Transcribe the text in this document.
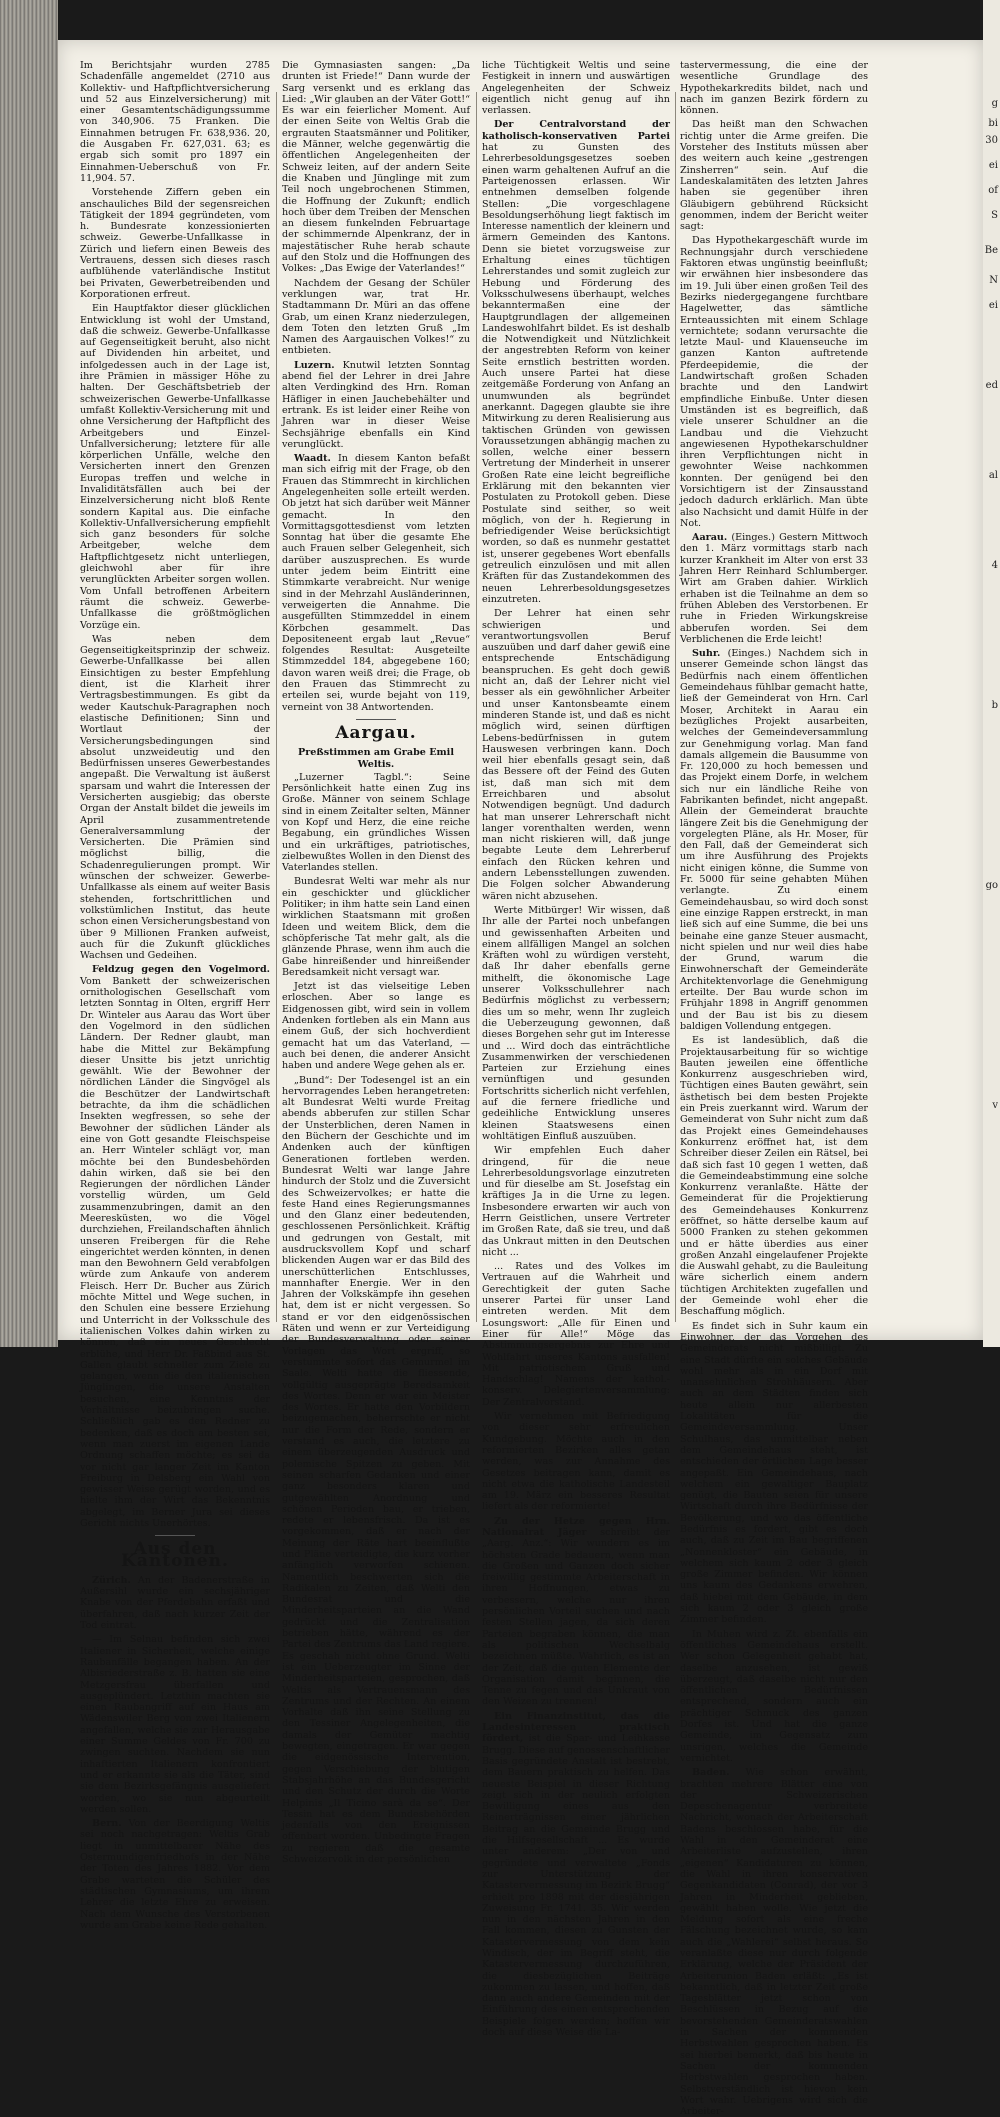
g
bi
30
ei
of
S
Be
N
ei
ed
al
4
b
go
v

Im Berichtsjahr wurden 2785 Schadenfälle angemeldet (2710 aus Kollektiv- und Haftpflichtversicherung und 52 aus Einzelversicherung) mit einer Gesamtentschädigungssumme von 340,906. 75 Franken. Die Einnahmen betrugen Fr. 638,936. 20, die Ausgaben Fr. 627,031. 63; es ergab sich somit pro 1897 ein Einnahmen-Ueberschuß von Fr. 11,904. 57.

Vorstehende Ziffern geben ein anschauliches Bild der segensreichen Tätigkeit der 1894 gegründeten, vom h. Bundesrate konzessionierten schweiz. Gewerbe-Unfallkasse in Zürich und liefern einen Beweis des Vertrauens, dessen sich dieses rasch aufblühende vaterländische Institut bei Privaten, Gewerbetreibenden und Korporationen erfreut.

Ein Hauptfaktor dieser glücklichen Entwicklung ist wohl der Umstand, daß die schweiz. Gewerbe-Unfallkasse auf Gegenseitigkeit beruht, also nicht auf Dividenden hin arbeitet, und infolgedessen auch in der Lage ist, ihre Prämien in mässiger Höhe zu halten. Der Geschäftsbetrieb der schweizerischen Gewerbe-Unfallkasse umfaßt Kollektiv-Versicherung mit und ohne Versicherung der Haftpflicht des Arbeitgebers und Einzel-Unfallversicherung; letztere für alle körperlichen Unfälle, welche den Versicherten innert den Grenzen Europas treffen und welche in Invaliditätsfällen auch bei der Einzelversicherung nicht bloß Rente sondern Kapital aus. Die einfache Kollektiv-Unfallversicherung empfiehlt sich ganz besonders für solche Arbeitgeber, welche dem Haftpflichtgesetz nicht unterliegen, gleichwohl aber für ihre verunglückten Arbeiter sorgen wollen. Vom Unfall betroffenen Arbeitern räumt die schweiz. Gewerbe-Unfallkasse die größtmöglichen Vorzüge ein.

Was neben dem Gegenseitigkeitsprinzip der schweiz. Gewerbe-Unfallkasse bei allen Einsichtigen zu bester Empfehlung dient, ist die Klarheit ihrer Vertragsbestimmungen. Es gibt da weder Kautschuk-Paragraphen noch elastische Definitionen; Sinn und Wortlaut der Versicherungsbedingungen sind absolut unzweideutig und den Bedürfnissen unseres Gewerbestandes angepaßt. Die Verwaltung ist äußerst sparsam und wahrt die Interessen der Versicherten ausgiebig; das oberste Organ der Anstalt bildet die jeweils im April zusammentretende Generalversammlung der Versicherten. Die Prämien sind möglichst billig, die Schadenregulierungen prompt. Wir wünschen der schweizer. Gewerbe-Unfallkasse als einem auf weiter Basis stehenden, fortschrittlichen und volkstümlichen Institut, das heute schon einen Versicherungsbestand von über 9 Millionen Franken aufweist, auch für die Zukunft glückliches Wachsen und Gedeihen.

Feldzug gegen den Vogelmord. Vom Bankett der schweizerischen ornithologischen Gesellschaft vom letzten Sonntag in Olten, ergriff Herr Dr. Winteler aus Aarau das Wort über den Vogelmord in den südlichen Ländern. Der Redner glaubt, man habe die Mittel zur Bekämpfung dieser Unsitte bis jetzt unrichtig gewählt. Wie der Bewohner der nördlichen Länder die Singvögel als die Beschützer der Landwirtschaft betrachte, da ihm die schädlichen Insekten wegfressen, so sehe der Bewohner der südlichen Länder als eine von Gott gesandte Fleischspeise an. Herr Winteler schlägt vor, man möchte bei den Bundesbehörden dahin wirken, daß sie bei den Regierungen der nördlichen Länder vorstellig würden, um Geld zusammenzubringen, damit an den Meeresküsten, wo die Vögel durchziehen, Freilandschaften ähnlich unseren Freibergen für die Rehe eingerichtet werden könnten, in denen man den Bewohnern Geld verabfolgen würde zum Ankaufe von anderem Fleisch. Herr Dr. Bucher aus Zürich möchte Mittel und Wege suchen, in den Schulen eine bessere Erziehung und Unterricht in der Volksschule des italienischen Volkes dahin wirken zu können, daß ein neues Geschlecht erblühe, und Herr Dr. Faßbind aus St. Gallen glaubt schneller zum Ziele zu gelangen, wenn die den italienischen Jünglingen, die unsere Anstalten besuchen, eine Kenntnis der Verhältnisse beizubringen suche. Schließlich gab es den Redner zu bedenken, daß es doch am besten sei, wenn man zuerst im eigenen Lande Ordnung schaffen möchte; es sei da vor nicht gar langer Zeit im Kanton Freiburg in Delsberg ein Wahl von gewisser Weise gerügt worden, und es hielte ihm der Wirt das Bekenntnis abgelegt, im Berner Jura sei dieses Gericht nichts Unerhörtes.

Aus den Kantonen.

Zürich. An der Badenerstraße in Außersihl wurde ein sechsjähriger Knabe von der Pferdebahn erfaßt und überfahren, daß nach kurzer Zeit der Tod eintrat.

— Im Selnau befinden sich zwei Italiener in Sicherheit, welche einige Raubanfälle begangen haben. An der Albisriederstraße z. B. hatten sie eine Metzgersfrau überfallen und ausgeplündert. Letzthin machten sie einen Raubangriff auf ein Haus am Wädenswiler Berg von zwei Italienern angefallen, welche sie zur Herausgabe einer Summe Geldes von Fr. 700 zu zwingen suchten. Nachdem sie nun inhaftierten Italienern konfrontiert und er erkannte sie als die Täter, sind sie dem Bezirksgefängnis ausgeliefert worden, wo sie nun abgeurteilt werden sollen.

Bern. Von der Beerdigung Weltis sei noch nachgetragen: Weltis Grab liegt in unmittelbarer Nähe des Ostermundigenfriedhofs in der Nähe der Toten des Jahres 1882. Vor dem Grabe warteten die Schüler des städtischen Gymnasiums, um ihrem Lehrer die letzte Ehre zu erweisen. Nach dem Wunsche des Verstorbenen wurde am Grabe keine Rede gehalten.

Die Gymnasiasten sangen: „Da drunten ist Friede!“ Dann wurde der Sarg versenkt und es erklang das Lied: „Wir glauben an der Väter Gott!“ Es war ein feierlicher Moment. Auf der einen Seite von Weltis Grab die ergrauten Staatsmänner und Politiker, die Männer, welche gegenwärtig die öffentlichen Angelegenheiten der Schweiz leiten, auf der andern Seite die Knaben und Jünglinge mit zum Teil noch ungebrochenen Stimmen, die Hoffnung der Zukunft; endlich hoch über dem Treiben der Menschen an diesem funkelnden Februartage der schimmernde Alpenkranz, der in majestätischer Ruhe herab schaute auf den Stolz und die Hoffnungen des Volkes: „Das Ewige der Vaterlandes!“

Nachdem der Gesang der Schüler verklungen war, trat Hr. Stadtammann Dr. Müri an das offene Grab, um einen Kranz niederzulegen, dem Toten den letzten Gruß „Im Namen des Aargauischen Volkes!“ zu entbieten.

Luzern. Knutwil letzten Sonntag abend fiel der Lehrer in drei Jahre alten Verdingkind des Hrn. Roman Häfliger in einen Jauchebehälter und ertrank. Es ist leider einer Reihe von Jahren war in dieser Weise Sechsjährige ebenfalls ein Kind verunglückt.

Waadt. In diesem Kanton befaßt man sich eifrig mit der Frage, ob den Frauen das Stimmrecht in kirchlichen Angelegenheiten solle erteilt werden. Ob jetzt hat sich darüber weit Männer gemacht. In den Vormittagsgottesdienst vom letzten Sonntag hat über die gesamte Ehe auch Frauen selber Gelegenheit, sich darüber auszusprechen. Es wurde unter jedem beim Eintritt eine Stimmkarte verabreicht. Nur wenige sind in der Mehrzahl Ausländerinnen, verweigerten die Annahme. Die ausgefüllten Stimmzeddel in einem Körbchen gesammelt. Das Depositeneent ergab laut „Revue“ folgendes Resultat: Ausgeteilte Stimmzeddel 184, abgegebene 160; davon waren weiß drei; die Frage, ob den Frauen das Stimmrecht zu erteilen sei, wurde bejaht von 119, verneint von 38 Antwortenden.

Aargau.

Preßstimmen am Grabe Emil Weltis.

„Luzerner Tagbl.“: Seine Persönlichkeit hatte einen Zug ins Große. Männer von seinem Schlage sind in einem Zeitalter selten, Männer von Kopf und Herz, die eine reiche Begabung, ein gründliches Wissen und ein urkräftiges, patriotisches, zielbewußtes Wollen in den Dienst des Vaterlandes stellen.

Bundesrat Welti war mehr als nur ein geschickter und glücklicher Politiker; in ihm hatte sein Land einen wirklichen Staatsmann mit großen Ideen und weitem Blick, dem die schöpferische Tat mehr galt, als die glänzende Phrase, wenn ihm auch die Gabe hinreißender und hinreißender Beredsamkeit nicht versagt war.

Jetzt ist das vielseitige Leben erloschen. Aber so lange es Eidgenossen gibt, wird sein in vollem Andenken fortleben als ein Mann aus einem Guß, der sich hochverdient gemacht hat um das Vaterland, — auch bei denen, die anderer Ansicht haben und andere Wege gehen als er.

„Bund“: Der Todesengel ist an ein hervorragendes Leben herangetreten: alt Bundesrat Welti wurde Freitag abends abberufen zur stillen Schar der Unsterblichen, deren Namen in den Büchern der Geschichte und im Andenken auch der künftigen Generationen fortleben werden. Bundesrat Welti war lange Jahre hindurch der Stolz und die Zuversicht des Schweizervolkes; er hatte die feste Hand eines Regierungsmannes und den Glanz einer bedeutenden, geschlossenen Persönlichkeit. Kräftig und gedrungen von Gestalt, mit ausdrucksvollem Kopf und scharf blickenden Augen war er das Bild des unerschütterlichen Entschlusses, mannhafter Energie. Wer in den Jahren der Volkskämpfe ihn gesehen hat, dem ist er nicht vergessen. So stand er vor den eidgenössischen Räten und wenn er zur Verteidigung der Bundesverwaltung oder seiner Vorlagen das Wort ergriff, so verstummte sofort das Gemurmel im Saale. Welti hatte die fliessende, vollgültig ausgeprägte Beredsamkeit des Wortes. Denn er war ein Meister des Wortes. Er hatte den Vorbildern beizugemachen, beherrschte er nicht nur die Form der Rede, sondern er verstand es auch, die letztere zu einem überzeugenden Ausdruck und polemische Spitzen zu geben. Mit seinen scharfen Gedanken und einer ganz besonders klaren und gutgewählten Anordnung und schönen Perioden bau, er trieben, redete er lebensfrisch. Da ist es vorgekommen, daß er nach der Meinung der Räte hart beeinflußte und Pläne verteidigte, die kurz vorher anfänglich verworfen schienen. Namentlich beschwerten sich die Radikalen zu Zeiten, daß Welti den Bundesrat und die Minderheitsparteien an die Wand gedrückt und die Zentralisation betrieben hätte, während es der Partei des Zentrums das Land regiere. Es geschah nicht ohne Grund. Welti ist ein Ueberzeugter im Sinne der Minderheitsparteien, gesprochen, daß Weltis als Vertrauensmann des Zentrums und der Rechten. An einem Vorhalte daß ihn seine Stellung zu den Tessiner Angelegenheiten, die damals der Gemüter machtig bewegten, eingetragen. Er war gegen die eidgenössische Intervention, gegen Verschiebung der blutigen Stabsjahrhöhe an das Bundesgericht und den Schutz der durch die Worte Helpinis „Il Ticino sarà da se“. Der Tessin hat es dem Bundesbehörden jedenfalls von den Ereignissen offenbart worden. Unbedingte Fragen zu regieren daß die gesamte Schweizervolk in der persönlichen

liche Tüchtigkeit Weltis und seine Festigkeit in innern und auswärtigen Angelegenheiten der Schweiz eigentlich nicht genug auf ihn verlassen.

Der Centralvorstand der katholisch-konservativen Partei hat zu Gunsten des Lehrerbesoldungsgesetzes soeben einen warm gehaltenen Aufruf an die Parteigenossen erlassen. Wir entnehmen demselben folgende Stellen: „Die vorgeschlagene Besoldungserhöhung liegt faktisch im Interesse namentlich der kleinern und ärmern Gemeinden des Kantons. Denn sie bietet vorzugsweise zur Erhaltung eines tüchtigen Lehrerstandes und somit zugleich zur Hebung und Förderung des Volksschulwesens überhaupt, welches bekanntermaßen eine der Hauptgrundlagen der allgemeinen Landeswohlfahrt bildet. Es ist deshalb die Notwendigkeit und Nützlichkeit der angestrebten Reform von keiner Seite ernstlich bestritten worden. Auch unsere Partei hat diese zeitgemäße Forderung von Anfang an unumwunden als begründet anerkannt. Dagegen glaubte sie ihre Mitwirkung zu deren Realisierung aus taktischen Gründen von gewissen Voraussetzungen abhängig machen zu sollen, welche einer bessern Vertretung der Minderheit in unserer Großen Rate eine leicht begreifliche Erklärung mit den bekannten vier Postulaten zu Protokoll geben. Diese Postulate sind seither, so weit möglich, von der h. Regierung in befriedigender Weise berücksichtigt worden, so daß es nunmehr gestattet ist, unserer gegebenes Wort ebenfalls getreulich einzulösen und mit allen Kräften für das Zustandekommen des neuen Lehrerbesoldungsgesetzes einzutreten.

Der Lehrer hat einen sehr schwierigen und verantwortungsvollen Beruf auszuüben und darf daher gewiß eine entsprechende Entschädigung beanspruchen. Es geht doch gewiß nicht an, daß der Lehrer nicht viel besser als ein gewöhnlicher Arbeiter und unser Kantonsbeamte einem minderen Stande ist, und daß es nicht möglich wird, seinen dürftigen Lebens-bedürfnissen in gutem Hauswesen verbringen kann. Doch weil hier ebenfalls gesagt sein, daß das Bessere oft der Feind des Guten ist, daß man sich mit dem Erreichbaren und absolut Notwendigen begnügt. Und dadurch hat man unserer Lehrerschaft nicht langer vorenthalten werden, wenn man nicht riskieren will, daß junge begabte Leute dem Lehrerberuf einfach den Rücken kehren und andern Lebensstellungen zuwenden. Die Folgen solcher Abwanderung wären nicht abzusehen.

Werte Mitbürger! Wir wissen, daß Ihr alle der Partei noch unbefangen und gewissenhaften Arbeiten und einem allfälligen Mangel an solchen Kräften wohl zu würdigen versteht, daß Ihr daher ebenfalls gerne mithelft, die ökonomische Lage unserer Volksschullehrer nach Bedürfnis möglichst zu verbessern; dies um so mehr, wenn Ihr zugleich die Ueberzeugung gewonnen, daß dieses Borgehen sehr gut im Interesse und ... Wird doch das einträchtliche Zusammenwirken der verschiedenen Parteien zur Erziehung eines vernünftigen und gesunden Fortschritts sicherlich nicht verfehlen, auf die fernere friedliche und gedeihliche Entwicklung unseres kleinen Staatswesens einen wohltätigen Einfluß auszuüben.

Wir empfehlen Euch daher dringend, für die neue Lehrerbesoldungsvorlage einzutreten und für dieselbe am St. Josefstag ein kräftiges Ja in die Urne zu legen. Insbesondere erwarten wir auch von Herrn Geistlichen, unsere Vertreter im Großen Rate, daß sie treu, und daß das Unkraut mitten in den Deutschen nicht ...

... Rates und des Volkes im Vertrauen auf die Wahrheit und Gerechtigkeit der guten Sache unserer Partei für unser Land eintreten werden. Mit dem Losungswort: „Alle für Einen und Einer für Alle!“ Möge das Abstimmungsergebnis zur Ehre und Wohlfahrt unseres Kantons ausfallen! Mit patriotischem Gruß und Handschlag! Namens der kathol.-konserv. Delegiertenversammlung: Der Zentralvorstand.

Wir vernehmen mit Befriedigung von dieser sehr erfreulichen Kundgebung. Möchte auch in den reformierten Bezirken alles getan werden, was zur Annahme des Gesetzes beitragen kann, damit es nicht etwa die katholische Landesteil am 19. März ein besseres Resultat liefert als der reformierte!

Zu der Hetze gegen Hrn. Nationalrat Jäger schreibt der „Aarg. Anz.“: Wir wundern es im höchsten Grade bedauern, wenn man die Großen und Ganzen doch sicher freiwillig gestimmte Arbeiterschaft in ihren Hoffnungen, etwas zu verbessern, welche nur ihren persönlichen Vorteil suchen und nach festen Stellen jagen, da sich deren Parteien begraben können, die man als politischen Wechselbalg bezeichnen müßte. Wahrlich, es ist an der Zeit, daß die guten Elemente der Organisation damit beginnen, die Tenne zu fegen und das Unkraut von den Weizen zu trennen!

Ein Finanzinstitut, das die Landesinteressen praktisch fördert, ist die Spar- und Leihkasse Brugg. Diese auf genossenschaftlicher Basis gegründete Anstalt ist bestrebt, dem Bauern praktisch zu helfen. Das neueste Beispiel in dieser Richtung zeigt sich in der neulich erfolgten Bewilligung eines aus den Reinerträgnissen einer jährlichen Beitrag an die Gemeinde Brugg und die Hilfsgesellschaft ... Es wurde unter anderem: „Der von und gegründete und verwaltete „Fonds zur Unterstützung der Katastervermessung im Bezirk Brugg“ erhielt pro 1898 mit der diesjährigen Zuweisung Fr. 1741. 35. Wir werden nun in den nächsten Jahren in den Fall kommen, diesen zu Gunsten der Katastervermessung von dem kein Windisch, der im Begriff steht, die Katastervermessung durchzuführen, die diesbezüglichen Beiträge zukommen zu lassen, und hoffen, daß dann auch andere Gemeinden mit der Einführung des einen entsprechenden Beispiele folgen werden; hoffen wir doch auf diese Weise die La-

tastervermessung, die eine der wesentliche Grundlage des Hypothekarkredits bildet, nach und nach im ganzen Bezirk fördern zu können.

Das heißt man den Schwachen richtig unter die Arme greifen. Die Vorsteher des Instituts müssen aber des weitern auch keine „gestrengen Zinsherren“ sein. Auf die Landeskalamitäten des letzten Jahres haben sie gegenüber ihren Gläubigern gebührend Rücksicht genommen, indem der Bericht weiter sagt:

Das Hypothekargeschäft wurde im Rechnungsjahr durch verschiedene Faktoren etwas ungünstig beeinflußt; wir erwähnen hier insbesondere das im 19. Juli über einen großen Teil des Bezirks niedergegangene furchtbare Hagelwetter, das sämtliche Ernteaussichten mit einem Schlage vernichtete; sodann verursachte die letzte Maul- und Klauenseuche im ganzen Kanton auftretende Pferdeepidemie, die der Landwirtschaft großen Schaden brachte und den Landwirt empfindliche Einbuße. Unter diesen Umständen ist es begreiflich, daß viele unserer Schuldner an die Landbau und die Viehzucht angewiesenen Hypothekarschuldner ihren Verpflichtungen nicht in gewohnter Weise nachkommen konnten. Der genügend bei den Vorsichtigern ist der Zinsausstand jedoch dadurch erklärlich. Man übte also Nachsicht und damit Hülfe in der Not.

Aarau. (Einges.) Gestern Mittwoch den 1. März vormittags starb nach kurzer Krankheit im Alter von erst 33 Jahren Herr Reinhard Schlumberger. Wirt am Graben dahier. Wirklich erhaben ist die Teilnahme an dem so frühen Ableben des Verstorbenen. Er ruhe in Frieden Wirkungskreise abberufen worden. Sei dem Verblichenen die Erde leicht!

Suhr. (Einges.) Nachdem sich in unserer Gemeinde schon längst das Bedürfnis nach einem öffentlichen Gemeindehaus fühlbar gemacht hatte, ließ der Gemeinderat von Hrn. Carl Moser, Architekt in Aarau ein bezügliches Projekt ausarbeiten, welches der Gemeindeversammlung zur Genehmigung vorlag. Man fand damals allgemein die Bausumme von Fr. 120,000 zu hoch bemessen und das Projekt einem Dorfe, in welchem sich nur ein ländliche Reihe von Fabrikanten befindet, nicht angepaßt. Allein der Gemeinderat brauchte längere Zeit bis die Genehmigung der vorgelegten Pläne, als Hr. Moser, für den Fall, daß der Gemeinderat sich um ihre Ausführung des Projekts nicht einigen könne, die Summe von Fr. 5000 für seine gehabten Mühen verlangte. Zu einem Gemeindehausbau, so wird doch sonst eine einzige Rappen erstreckt, in man ließ sich auf eine Summe, die bei uns beinahe eine ganze Steuer ausmacht, nicht spielen und nur weil dies habe der Grund, warum die Einwohnerschaft der Gemeinderäte Architektenvorlage die Genehmigung erteilte. Der Bau wurde schon im Frühjahr 1898 in Angriff genommen und der Bau ist bis zu diesem baldigen Vollendung entgegen.

Es ist landesüblich, daß die Projektausarbeitung für so wichtige Bauten jeweilen eine öffentliche Konkurrenz ausgeschrieben wird, Tüchtigen eines Bauten gewährt, sein ästhetisch bei dem besten Projekte ein Preis zuerkannt wird. Warum der Gemeinderat von Suhr nicht zum daß das Projekt eines Gemeindehauses Konkurrenz eröffnet hat, ist dem Schreiber dieser Zeilen ein Rätsel, bei daß sich fast 10 gegen 1 wetten, daß die Gemeindeabstimmung eine solche Konkurrenz veranlaßte. Hätte der Gemeinderat für die Projektierung des Gemeindehauses Konkurrenz eröffnet, so hätte derselbe kaum auf 5000 Franken zu stehen gekommen und er hätte überdies aus einer großen Anzahl eingelaufener Projekte die Auswahl gehabt, zu die Bauleitung wäre sicherlich einem andern tüchtigen Architekten zugefallen und der Gemeinde wohl eher die Beschaffung möglich.

Es findet sich in Suhr kaum ein Einwohner, der das Vorgehen des Gemeinderats nicht mißbilligt. Zu eine Stadt dürfte ein solches Gebäude wohl mehr als in ein Dorf mit unansehnlichen Strohhäusern. Aber auch an dem Städten finden sich heute allein nur allerbesten Lokalitäten für die Gemeindeversammlung. Unser Schulhaus, das unmittelbar neben dem Gemeindehaus steht, ist entschieden der örtlichen Lage besser angepaßt. Ein Gemeindehaus, nach welchem ein gewaltiger Bauplatz genügt, die Bauten seien für unsere Wirtschaft durch ihre Bedürfnisse der Bevölkerung, und wo das öffentliche Bedürfnis es fordert, gibt es doch auch, daß zu Zeit im Bau begriffenen „Nonnenkloster“ ein Gebäude, in welchem sich kaum 2 oder 3 gleich große Zimmer befinden. Wir können uns kaum des Gedankens erwehren, daß hiebei mit dem Gebäude, in dem sich kaum 2 oder 3 gleich große Zimmer befinden.

In Muhen wird z. Zt. ebenfalls ein öffentliches Gemeindehaus erstellt. Wer schon Gelegenheit gehabt hat, daselbe anzusehen, ist gewiß überzeugt, daß daselbe nicht nur den öffentlichen Bedürfnissen entsprechend, sondern auch ein prächtiger Schmuck des ganzen Dorfes ist. Und hat die ganze Gemeinde, im Gegensatz zum unsrigen, welches die Gemeinde vernichtet.

Baden. Wie schon erwähnt, brachten mehrere Blätter eine von der Schweizerischen Depeschenagentur verbreitete Nachricht, wonach der Arbeiterschaft Badens beschlossen habe, für die Wahl in den Gemeinderat eine Arbeiterliste aufzustellen, ihren „eigenen“ Kandidaturen zu können, die Wahl in ihren konservativen Gegenkandidaten (Conrad), der vor 3 Jahren in Minderheit geblieben, gewählt haben wolle. Wie jetzt die Meldung sofort als eine freche Fälschung bezeichnet wurde, so kam auch die „Wahlerei“ selbst heraus. So veranlaßte diese nur durch folgende Erklärung, welche der Präsident der Arbeiterunion Baden erläßt: „Es ist bekanntlich, daß in letzter Zeit große Tagesblätter jetzt schon von Beschlüssen in Bezug auf die bevorstehenden Gemeinderatswahlen in Sachen der kommenden Herbstwahlen gesprochen haben. Es sei hierbei bemerkt, daß bis heute in Sachen der kommenden Herbstwahlen gesprochen haben. Selbstverständlich ist hievon kein Wort wahr. Uebrigens wird sich die Arbeiter-
